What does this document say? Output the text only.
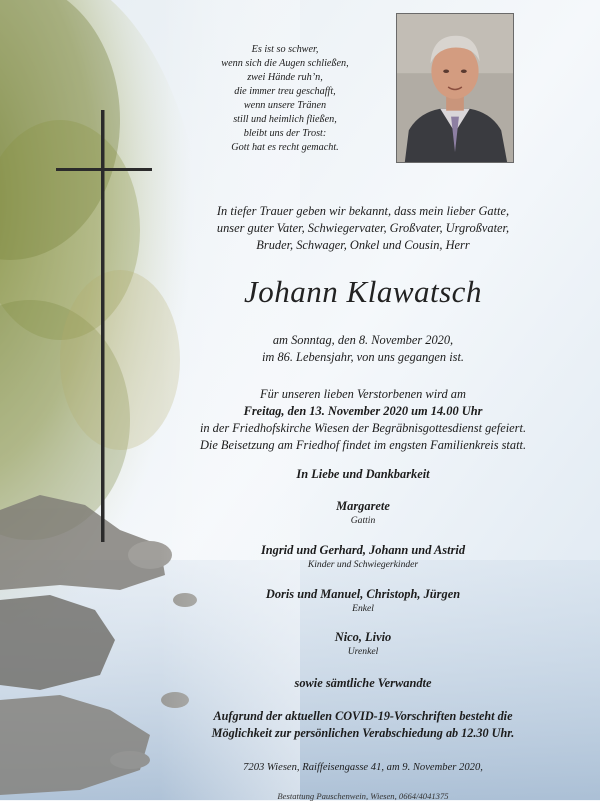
Es ist so schwer,
wenn sich die Augen schließen,
zwei Hände ruh’n,
die immer treu geschafft,
wenn unsere Tränen
still und heimlich fließen,
bleibt uns der Trost:
Gott hat es recht gemacht.
In tiefer Trauer geben wir bekannt, dass mein lieber Gatte,
unser guter Vater, Schwiegervater, Großvater, Urgroßvater,
Bruder, Schwager, Onkel und Cousin, Herr
Johann Klawatsch
am Sonntag, den 8. November 2020,
im 86. Lebensjahr, von uns gegangen ist.
Für unseren lieben Verstorbenen wird am
Freitag, den 13. November 2020 um 14.00 Uhr
in der Friedhofskirche Wiesen der Begräbnisgottesdienst gefeiert.
Die Beisetzung am Friedhof findet im engsten Familienkreis statt.
In Liebe und Dankbarkeit
Margarete
Gattin
Ingrid und Gerhard, Johann und Astrid
Kinder und Schwiegerkinder
Doris und Manuel, Christoph, Jürgen
Enkel
Nico, Livio
Urenkel
sowie sämtliche Verwandte
Aufgrund der aktuellen COVID-19-Vorschriften besteht die
Möglichkeit zur persönlichen Verabschiedung ab 12.30 Uhr.
7203 Wiesen, Raiffeisengasse 41, am 9. November 2020,
Bestattung Pauschenwein, Wiesen, 0664/4041375
